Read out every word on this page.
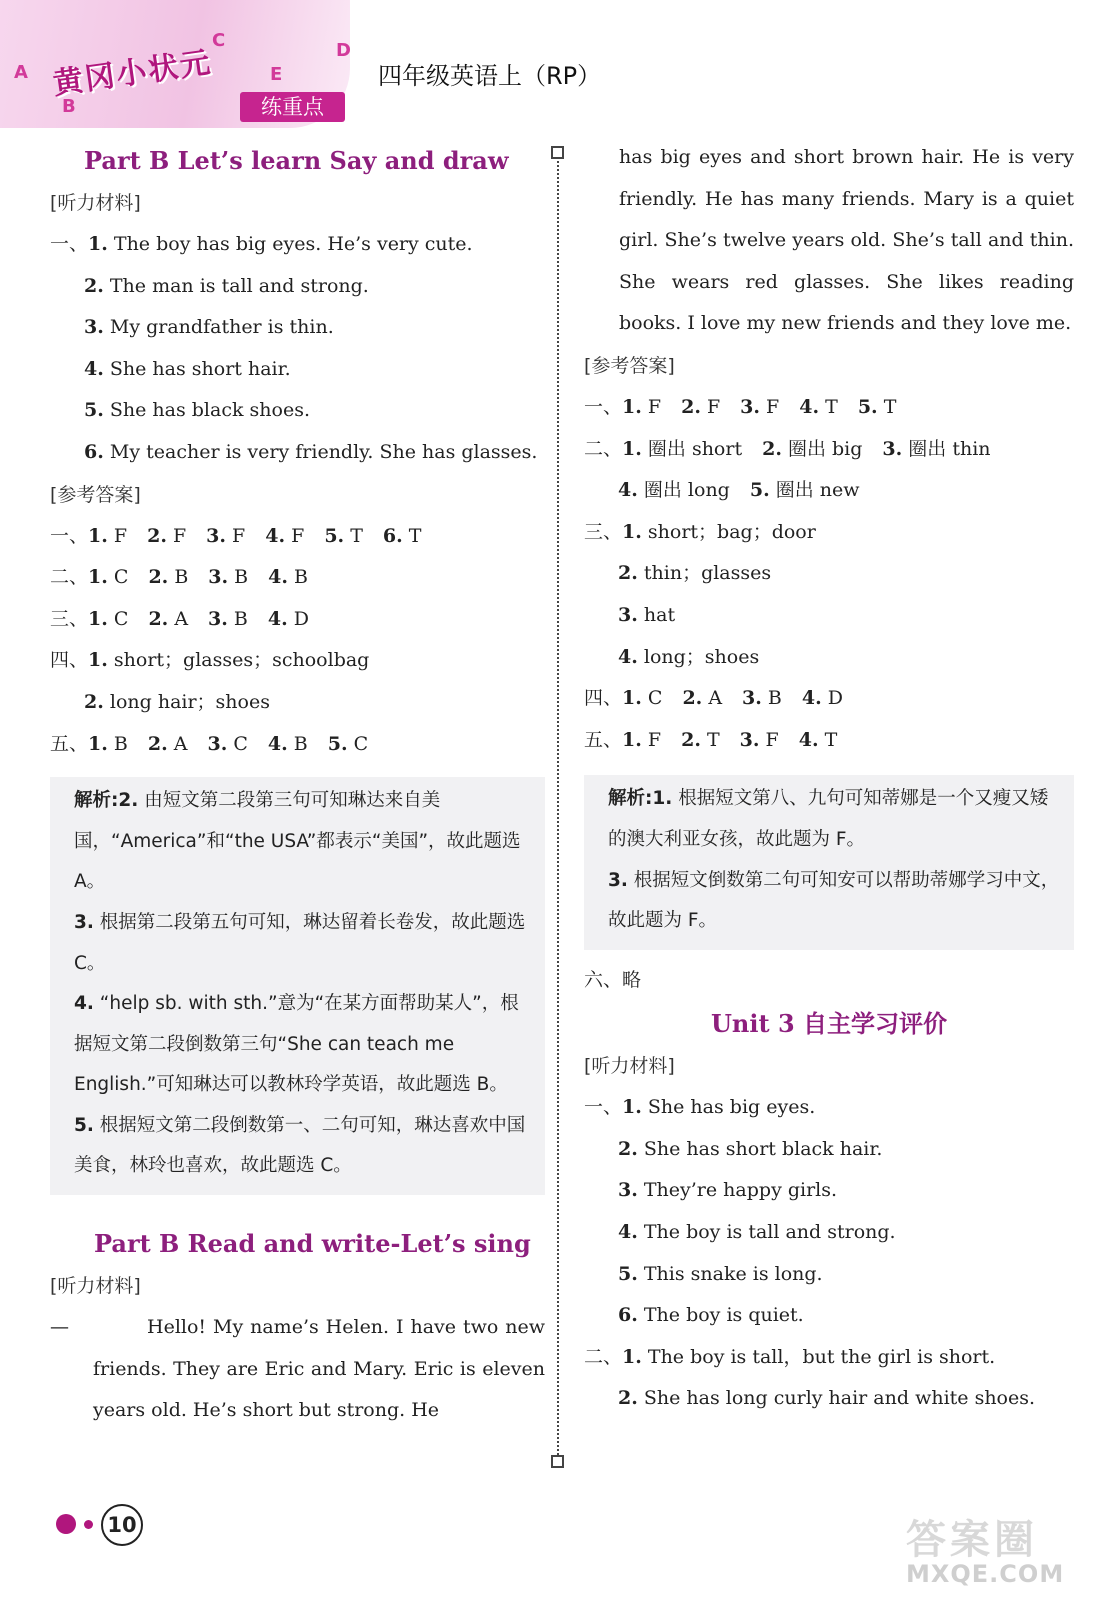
A
B
C	D
E
黄冈小状元
练重点
四年级英语上（RP）
Part B Let’s learn Say and draw
[听力材料]
一、1. The boy has big eyes. He’s very cute.
2. The man is tall and strong.
3. My grandfather is thin.
4. She has short hair.
5. She has black shoes.
6. My teacher is very friendly. She has glasses.
[参考答案]
一、1. F 2. F 3. F 4. F 5. T 6. T
二、1. C 2. B 3. B 4. B
三、1. C 2. A 3. B 4. D
四、1. short；glasses；schoolbag
2. long hair；shoes
五、1. B 2. A 3. C 4. B 5. C

解析:2. 由短文第二段第三句可知琳达来自美国，“America”和“the USA”都表示“美国”，故此题选 A。

3. 根据第二段第五句可知，琳达留着长卷发，故此题选 C。

4. “help sb. with sth.”意为“在某方面帮助某人”，根据短文第二段倒数第三句“She can teach me English.”可知琳达可以教林玲学英语，故此题选 B。

5. 根据短文第二段倒数第一、二句可知，琳达喜欢中国美食，林玲也喜欢，故此题选 C。

Part B Read and write-Let’s sing
[听力材料]
—	Hello! My name’s Helen. I have two new friends. They are Eric and Mary. Eric is eleven years old. He’s short but strong. He
has big eyes and short brown hair. He is very friendly. He has many friends. Mary is a quiet girl. She’s twelve years old. She’s tall and thin. She wears red glasses. She likes reading books. I love my new friends and they love me.
[参考答案]
一、1. F 2. F 3. F 4. T 5. T
二、1. 圈出 short 2. 圈出 big 3. 圈出 thin
4. 圈出 long 5. 圈出 new
三、1. short；bag；door
2. thin；glasses
3. hat
4. long；shoes
四、1. C 2. A 3. B 4. D
五、1. F 2. T 3. F 4. T

解析:1. 根据短文第八、九句可知蒂娜是一个又瘦又矮的澳大利亚女孩，故此题为 F。

3. 根据短文倒数第二句可知安可以帮助蒂娜学习中文，故此题为 F。

六、略
Unit 3 自主学习评价
[听力材料]
一、1. She has big eyes.
2. She has short black hair.
3. They’re happy girls.
4. The boy is tall and strong.
5. This snake is long.
6. The boy is quiet.
二、1. The boy is tall，but the girl is short.
2. She has long curly hair and white shoes.
10	答案圈
MXQE.COM
